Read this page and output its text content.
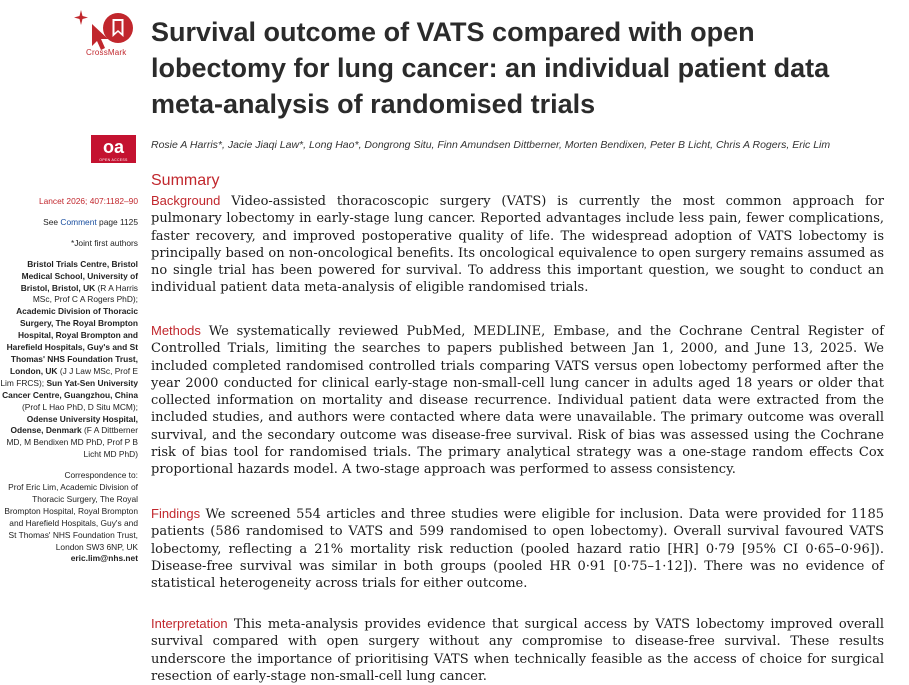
CrossMark
Survival outcome of VATS compared with open lobectomy for lung cancer: an individual patient data meta-analysis of randomised trials
oa
OPEN ACCESS
Rosie A Harris*, Jacie Jiaqi Law*, Long Hao*, Dongrong Situ, Finn Amundsen Dittberner, Morten Bendixen, Peter B Licht, Chris A Rogers, Eric Lim

Lancet 2026; 407:1182–90

See Comment page 1125

*Joint first authors

Bristol Trials Centre, Bristol Medical School, University of Bristol, Bristol, UK (R A Harris MSc, Prof C A Rogers PhD); Academic Division of Thoracic Surgery, The Royal Brompton Hospital, Royal Brompton and Harefield Hospitals, Guy's and St Thomas' NHS Foundation Trust, London, UK (J J Law MSc, Prof E Lim FRCS); Sun Yat-Sen University Cancer Centre, Guangzhou, China (Prof L Hao PhD, D Situ MCM); Odense University Hospital, Odense, Denmark (F A Dittberner MD, M Bendixen MD PhD, Prof P B Licht MD PhD)

Correspondence to:

Prof Eric Lim, Academic Division of Thoracic Surgery, The Royal Brompton Hospital, Royal Brompton and Harefield Hospitals, Guy's and St Thomas' NHS Foundation Trust, London SW3 6NP, UK

eric.lim@nhs.net

Summary

Background Video-assisted thoracoscopic surgery (VATS) is currently the most common approach for pulmonary lobectomy in early-stage lung cancer. Reported advantages include less pain, fewer complications, faster recovery, and improved postoperative quality of life. The widespread adoption of VATS lobectomy is principally based on non-oncological benefits. Its oncological equivalence to open surgery remains assumed as no single trial has been powered for survival. To address this important question, we sought to conduct an individual patient data meta-analysis of eligible randomised trials.

Methods We systematically reviewed PubMed, MEDLINE, Embase, and the Cochrane Central Register of Controlled Trials, limiting the searches to papers published between Jan 1, 2000, and June 13, 2025. We included completed randomised controlled trials comparing VATS versus open lobectomy performed after the year 2000 conducted for clinical early-stage non-small-cell lung cancer in adults aged 18 years or older that collected information on mortality and disease recurrence. Individual patient data were extracted from the included studies, and authors were contacted where data were unavailable. The primary outcome was overall survival, and the secondary outcome was disease-free survival. Risk of bias was assessed using the Cochrane risk of bias tool for randomised trials. The primary analytical strategy was a one-stage random effects Cox proportional hazards model. A two-stage approach was performed to assess consistency.

Findings We screened 554 articles and three studies were eligible for inclusion. Data were provided for 1185 patients (586 randomised to VATS and 599 randomised to open lobectomy). Overall survival favoured VATS lobectomy, reflecting a 21% mortality risk reduction (pooled hazard ratio [HR] 0·79 [95% CI 0·65–0·96]). Disease-free survival was similar in both groups (pooled HR 0·91 [0·75–1·12]). There was no evidence of statistical heterogeneity across trials for either outcome.

Interpretation This meta-analysis provides evidence that surgical access by VATS lobectomy improved overall survival compared with open surgery without any compromise to disease-free survival. These results underscore the importance of prioritising VATS when technically feasible as the access of choice for surgical resection of early-stage non-small-cell lung cancer.
